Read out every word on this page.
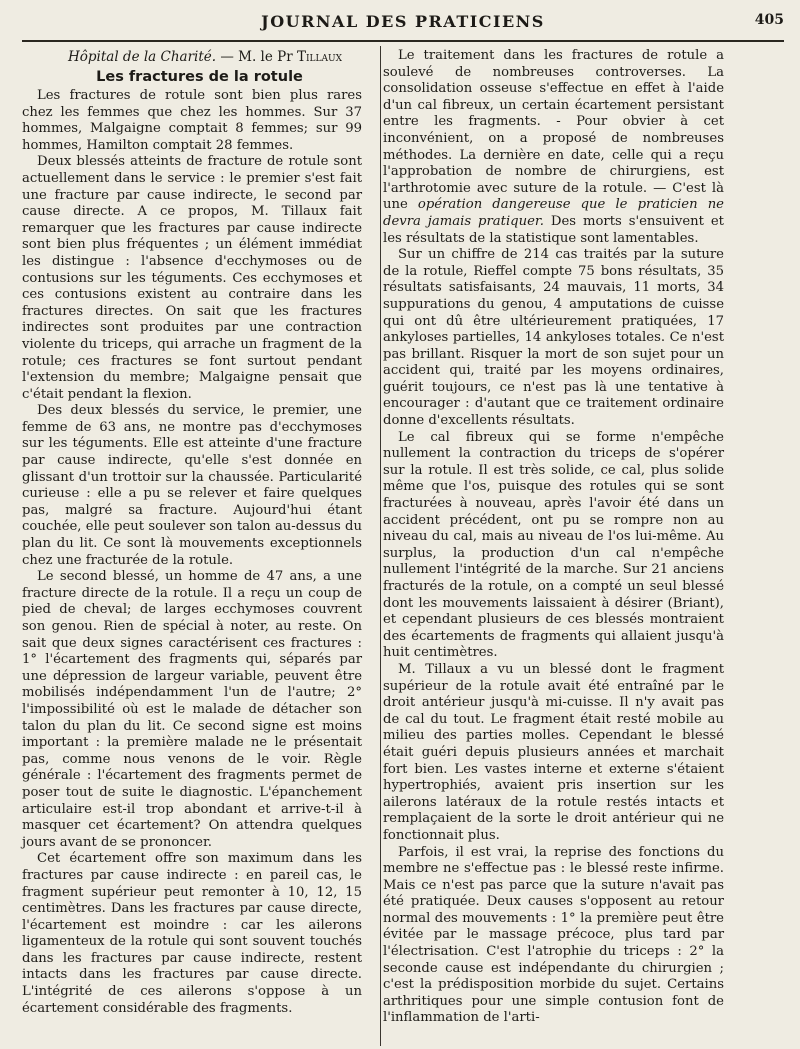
JOURNAL DES PRATICIENS	405

Hôpital de la Charité. — M. le Pr Tillaux

Les fractures de la rotule

Les fractures de rotule sont bien plus rares chez les femmes que chez les hommes. Sur 37 hommes, Malgaigne comptait 8 femmes; sur 99 hommes, Hamilton comptait 28 femmes.

Deux blessés atteints de fracture de rotule sont actuellement dans le service : le premier s'est fait une fracture par cause indirecte, le second par cause directe. A ce propos, M. Tillaux fait remarquer que les fractures par cause indirecte sont bien plus fréquentes ; un élément immédiat les distingue : l'absence d'ecchymoses ou de contusions sur les téguments. Ces ecchymoses et ces contusions existent au contraire dans les fractures directes. On sait que les fractures indirectes sont produites par une contraction violente du triceps, qui arrache un fragment de la rotule; ces fractures se font surtout pendant l'extension du membre; Malgaigne pensait que c'était pendant la flexion.

Des deux blessés du service, le premier, une femme de 63 ans, ne montre pas d'ecchymoses sur les téguments. Elle est atteinte d'une fracture par cause indirecte, qu'elle s'est donnée en glissant d'un trottoir sur la chaussée. Particularité curieuse : elle a pu se relever et faire quelques pas, malgré sa fracture. Aujourd'hui étant couchée, elle peut soulever son talon au-dessus du plan du lit. Ce sont là mouvements exceptionnels chez une fracturée de la rotule.

Le second blessé, un homme de 47 ans, a une fracture directe de la rotule. Il a reçu un coup de pied de cheval; de larges ecchymoses couvrent son genou. Rien de spécial à noter, au reste. On sait que deux signes caractérisent ces fractures : 1° l'écartement des fragments qui, séparés par une dépression de largeur variable, peuvent être mobilisés indépendamment l'un de l'autre; 2° l'impossibilité où est le malade de détacher son talon du plan du lit. Ce second signe est moins important : la première malade ne le présentait pas, comme nous venons de le voir. Règle générale : l'écartement des fragments permet de poser tout de suite le diagnostic. L'épanchement articulaire est-il trop abondant et arrive-t-il à masquer cet écartement? On attendra quelques jours avant de se prononcer.

Cet écartement offre son maximum dans les fractures par cause indirecte : en pareil cas, le fragment supérieur peut remonter à 10, 12, 15 centimètres. Dans les fractures par cause directe, l'écartement est moindre : car les ailerons ligamenteux de la rotule qui sont souvent touchés dans les fractures par cause indirecte, restent intacts dans les fractures par cause directe. L'intégrité de ces ailerons s'oppose à un écartement considérable des fragments.

Le traitement dans les fractures de rotule a soulevé de nombreuses controverses. La consolidation osseuse s'effectue en effet à l'aide d'un cal fibreux, un certain écartement persistant entre les fragments. - Pour obvier à cet inconvénient, on a proposé de nombreuses méthodes. La dernière en date, celle qui a reçu l'approbation de nombre de chirurgiens, est l'arthrotomie avec suture de la rotule. — C'est là une opération dangereuse que le praticien ne devra jamais pratiquer. Des morts s'ensuivent et les résultats de la statistique sont lamentables.

Sur un chiffre de 214 cas traités par la suture de la rotule, Rieffel compte 75 bons résultats, 35 résultats satisfaisants, 24 mauvais, 11 morts, 34 suppurations du genou, 4 amputations de cuisse qui ont dû être ultérieurement pratiquées, 17 ankyloses partielles, 14 ankyloses totales. Ce n'est pas brillant. Risquer la mort de son sujet pour un accident qui, traité par les moyens ordinaires, guérit toujours, ce n'est pas là une tentative à encourager : d'autant que ce traitement ordinaire donne d'excellents résultats.

Le cal fibreux qui se forme n'empêche nullement la contraction du triceps de s'opérer sur la rotule. Il est très solide, ce cal, plus solide même que l'os, puisque des rotules qui se sont fracturées à nouveau, après l'avoir été dans un accident précédent, ont pu se rompre non au niveau du cal, mais au niveau de l'os lui-même. Au surplus, la production d'un cal n'empêche nullement l'intégrité de la marche. Sur 21 anciens fracturés de la rotule, on a compté un seul blessé dont les mouvements laissaient à désirer (Briant), et cependant plusieurs de ces blessés montraient des écartements de fragments qui allaient jusqu'à huit centimètres.

M. Tillaux a vu un blessé dont le fragment supérieur de la rotule avait été entraîné par le droit antérieur jusqu'à mi-cuisse. Il n'y avait pas de cal du tout. Le fragment était resté mobile au milieu des parties molles. Cependant le blessé était guéri depuis plusieurs années et marchait fort bien. Les vastes interne et externe s'étaient hypertrophiés, avaient pris insertion sur les ailerons latéraux de la rotule restés intacts et remplaçaient de la sorte le droit antérieur qui ne fonctionnait plus.

Parfois, il est vrai, la reprise des fonctions du membre ne s'effectue pas : le blessé reste infirme. Mais ce n'est pas parce que la suture n'avait pas été pratiquée. Deux causes s'opposent au retour normal des mouvements : 1° la première peut être évitée par le massage précoce, plus tard par l'électrisation. C'est l'atrophie du triceps : 2° la seconde cause est indépendante du chirurgien ; c'est la prédisposition morbide du sujet. Certains arthritiques pour une simple contusion font de l'inflammation de l'arti-
